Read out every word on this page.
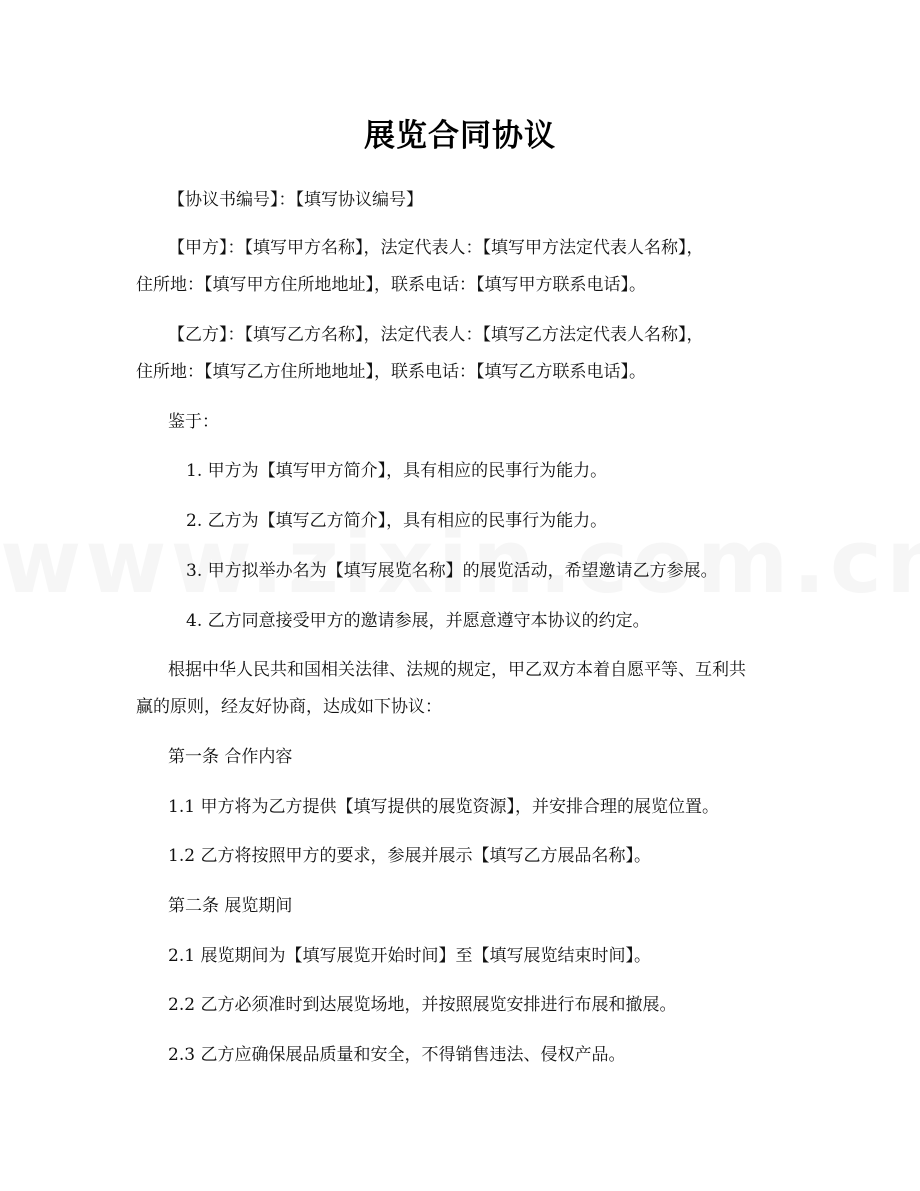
展览合同协议
【协议书编号】：【填写协议编号】
【甲方】：【填写甲方名称】，法定代表人：【填写甲方法定代表人名称】，
住所地：【填写甲方住所地地址】，联系电话：【填写甲方联系电话】。
【乙方】：【填写乙方名称】，法定代表人：【填写乙方法定代表人名称】，
住所地：【填写乙方住所地地址】，联系电话：【填写乙方联系电话】。
鉴于：
1. 甲方为【填写甲方简介】，具有相应的民事行为能力。
2. 乙方为【填写乙方简介】，具有相应的民事行为能力。
3. 甲方拟举办名为【填写展览名称】的展览活动，希望邀请乙方参展。
4. 乙方同意接受甲方的邀请参展，并愿意遵守本协议的约定。
根据中华人民共和国相关法律、法规的规定，甲乙双方本着自愿平等、互利共
赢的原则，经友好协商，达成如下协议：
第一条 合作内容
1.1 甲方将为乙方提供【填写提供的展览资源】，并安排合理的展览位置。
1.2 乙方将按照甲方的要求，参展并展示【填写乙方展品名称】。
第二条 展览期间
2.1 展览期间为【填写展览开始时间】至【填写展览结束时间】。
2.2 乙方必须准时到达展览场地，并按照展览安排进行布展和撤展。
2.3 乙方应确保展品质量和安全，不得销售违法、侵权产品。
